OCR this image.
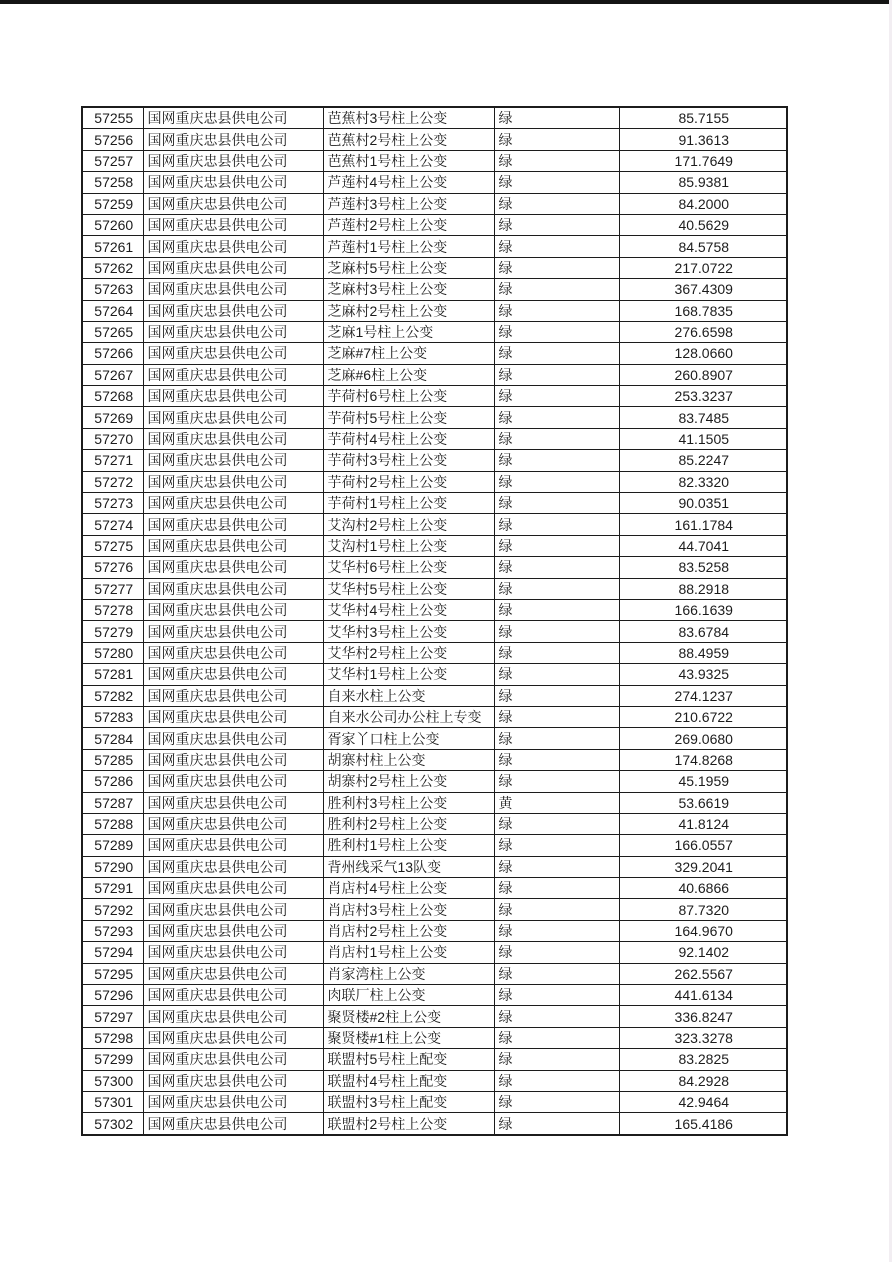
57255	国网重庆忠县供电公司	芭蕉村3号柱上公变	绿	85.7155
57256	国网重庆忠县供电公司	芭蕉村2号柱上公变	绿	91.3613
57257	国网重庆忠县供电公司	芭蕉村1号柱上公变	绿	171.7649
57258	国网重庆忠县供电公司	芦莲村4号柱上公变	绿	85.9381
57259	国网重庆忠县供电公司	芦莲村3号柱上公变	绿	84.2000
57260	国网重庆忠县供电公司	芦莲村2号柱上公变	绿	40.5629
57261	国网重庆忠县供电公司	芦莲村1号柱上公变	绿	84.5758
57262	国网重庆忠县供电公司	芝麻村5号柱上公变	绿	217.0722
57263	国网重庆忠县供电公司	芝麻村3号柱上公变	绿	367.4309
57264	国网重庆忠县供电公司	芝麻村2号柱上公变	绿	168.7835
57265	国网重庆忠县供电公司	芝麻1号柱上公变	绿	276.6598
57266	国网重庆忠县供电公司	芝麻#7柱上公变	绿	128.0660
57267	国网重庆忠县供电公司	芝麻#6柱上公变	绿	260.8907
57268	国网重庆忠县供电公司	芋荷村6号柱上公变	绿	253.3237
57269	国网重庆忠县供电公司	芋荷村5号柱上公变	绿	83.7485
57270	国网重庆忠县供电公司	芋荷村4号柱上公变	绿	41.1505
57271	国网重庆忠县供电公司	芋荷村3号柱上公变	绿	85.2247
57272	国网重庆忠县供电公司	芋荷村2号柱上公变	绿	82.3320
57273	国网重庆忠县供电公司	芋荷村1号柱上公变	绿	90.0351
57274	国网重庆忠县供电公司	艾沟村2号柱上公变	绿	161.1784
57275	国网重庆忠县供电公司	艾沟村1号柱上公变	绿	44.7041
57276	国网重庆忠县供电公司	艾华村6号柱上公变	绿	83.5258
57277	国网重庆忠县供电公司	艾华村5号柱上公变	绿	88.2918
57278	国网重庆忠县供电公司	艾华村4号柱上公变	绿	166.1639
57279	国网重庆忠县供电公司	艾华村3号柱上公变	绿	83.6784
57280	国网重庆忠县供电公司	艾华村2号柱上公变	绿	88.4959
57281	国网重庆忠县供电公司	艾华村1号柱上公变	绿	43.9325
57282	国网重庆忠县供电公司	自来水柱上公变	绿	274.1237
57283	国网重庆忠县供电公司	自来水公司办公柱上专变	绿	210.6722
57284	国网重庆忠县供电公司	胥家丫口柱上公变	绿	269.0680
57285	国网重庆忠县供电公司	胡寨村柱上公变	绿	174.8268
57286	国网重庆忠县供电公司	胡寨村2号柱上公变	绿	45.1959
57287	国网重庆忠县供电公司	胜利村3号柱上公变	黄	53.6619
57288	国网重庆忠县供电公司	胜利村2号柱上公变	绿	41.8124
57289	国网重庆忠县供电公司	胜利村1号柱上公变	绿	166.0557
57290	国网重庆忠县供电公司	背州线采气13队变	绿	329.2041
57291	国网重庆忠县供电公司	肖店村4号柱上公变	绿	40.6866
57292	国网重庆忠县供电公司	肖店村3号柱上公变	绿	87.7320
57293	国网重庆忠县供电公司	肖店村2号柱上公变	绿	164.9670
57294	国网重庆忠县供电公司	肖店村1号柱上公变	绿	92.1402
57295	国网重庆忠县供电公司	肖家湾柱上公变	绿	262.5567
57296	国网重庆忠县供电公司	肉联厂柱上公变	绿	441.6134
57297	国网重庆忠县供电公司	聚贤楼#2柱上公变	绿	336.8247
57298	国网重庆忠县供电公司	聚贤楼#1柱上公变	绿	323.3278
57299	国网重庆忠县供电公司	联盟村5号柱上配变	绿	83.2825
57300	国网重庆忠县供电公司	联盟村4号柱上配变	绿	84.2928
57301	国网重庆忠县供电公司	联盟村3号柱上配变	绿	42.9464
57302	国网重庆忠县供电公司	联盟村2号柱上公变	绿	165.4186
